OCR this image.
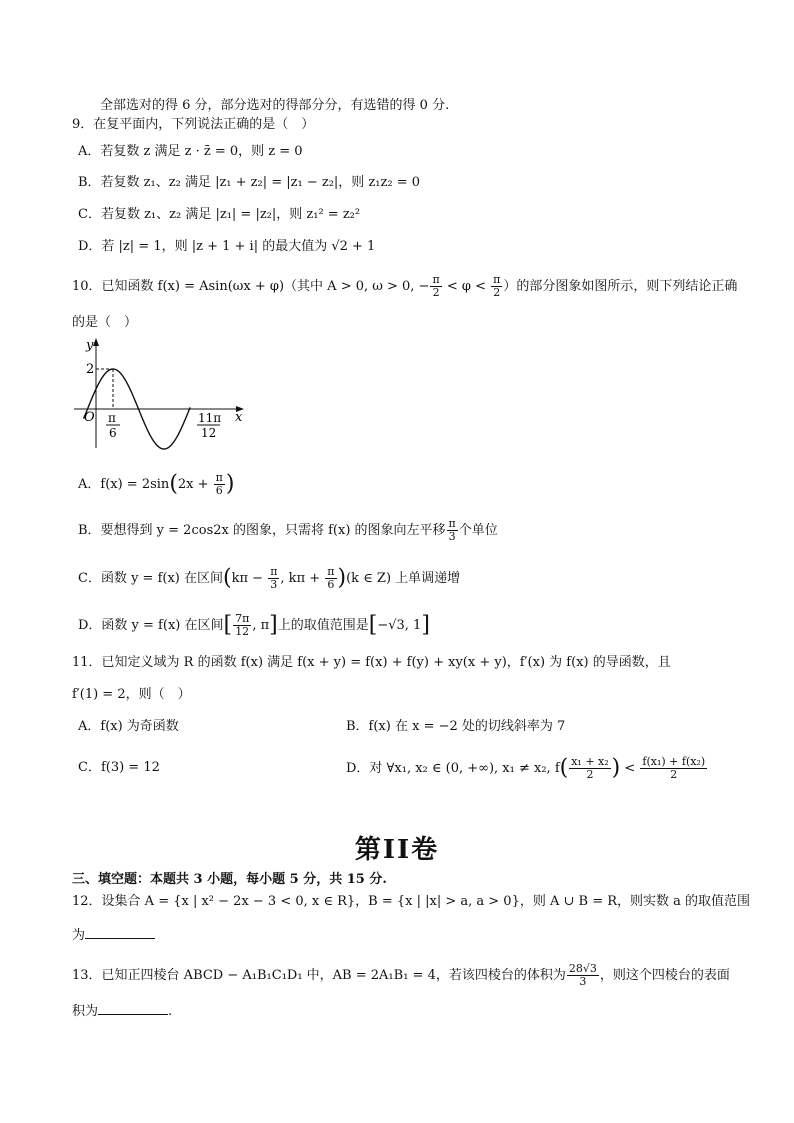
全部选对的得 6 分，部分选对的得部分分，有选错的得 0 分.
9．在复平面内，下列说法正确的是（　）
A．若复数 z 满足 z · z̄ = 0，则 z = 0
B．若复数 z₁、z₂ 满足 |z₁ + z₂| = |z₁ − z₂|，则 z₁z₂ = 0
C．若复数 z₁、z₂ 满足 |z₁| = |z₂|，则 z₁² = z₂²
D．若 |z| = 1，则 |z + 1 + i| 的最大值为 √2 + 1
10．已知函数 f(x) = Asin(ωx + φ)（其中 A > 0, ω > 0, − $\frac{\pi}{2} < \varphi < \frac{\pi}{2}$ ）的部分图象如图所示，则下列结论正确
的是（　）
y
x
O
2
π
6
11π
12
A．$f(x) = 2\sin(2x + \frac{\pi}{6}$ )
B．要想得到 y = 2cos2x 的图象，只需将 f(x) 的图象向左平移 $\frac{\pi}{3}$ 个单位
C．函数 y = f(x) 在区间($k\pi - \frac{\pi}{3}$ , $k\pi + \frac{\pi}{6} )(k$ ∈ Z) 上单调递增
D．函数 y = f(x) 在区间[ $\frac{7\pi}{12}$ , π]上的取值范围是[−√3, 1]
11．已知定义域为 R 的函数 f(x) 满足 f(x + y) = f(x) + f(y) + xy(x + y)，f′(x) 为 f(x) 的导函数，且
f′(1) = 2，则（　）
A．f(x) 为奇函数	B．f(x) 在 x = −2 处的切线斜率为 7
C．f(3) = 12	D．对 ∀x₁, x₂ ∈ (0, +∞), x₁ ≠ x₂, $f( \frac{\text{x₁ + x₂}}{2}$ ) < $\frac{\text{f(x₁) + f(x₂)}}{2}$
第II卷
三、填空题：本题共 3 小题，每小题 5 分，共 15 分.
12．设集合 A = {x | x² − 2x − 3 < 0, x ∈ R}，B = {x | |x| > a, a > 0}，则 A ∪ B = R，则实数 a 的取值范围
为
13．已知正四棱台 ABCD − A₁B₁C₁D₁ 中，AB = 2A₁B₁ = 4，若该四棱台的体积为 $\frac{28√3}{3}$ ，则这个四棱台的表面
积为	.
